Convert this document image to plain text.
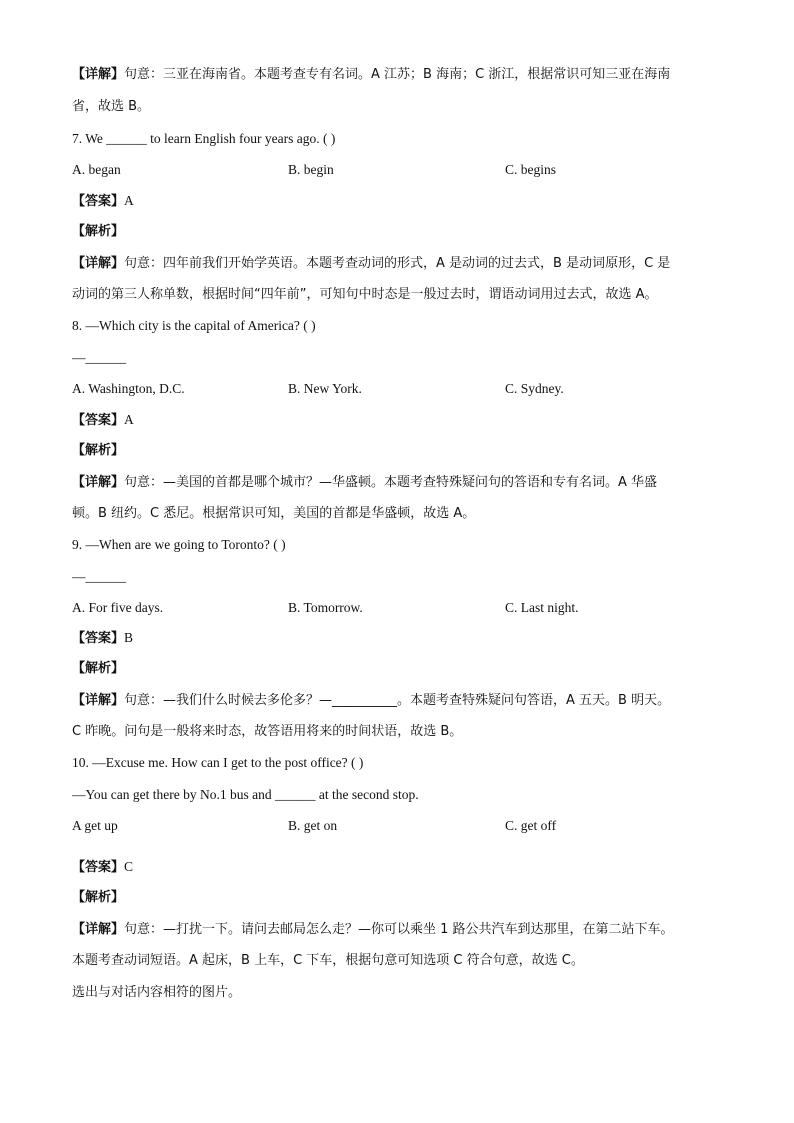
【详解】句意：三亚在海南省。本题考查专有名词。A 江苏；B 海南；C 浙江，根据常识可知三亚在海南
省，故选 B。
7. We ______ to learn English four years ago. ( )
A. began	B. begin	C. begins
【答案】A
【解析】
【详解】句意：四年前我们开始学英语。本题考查动词的形式，A 是动词的过去式，B 是动词原形，C 是
动词的第三人称单数，根据时间“四年前”，可知句中时态是一般过去时，谓语动词用过去式，故选 A。
8. —Which city is the capital of America? ( )
—______
A. Washington, D.C.	B. New York.	C. Sydney.
【答案】A
【解析】
【详解】句意：—美国的首都是哪个城市？—华盛顿。本题考查特殊疑问句的答语和专有名词。A 华盛
顿。B 纽约。C 悉尼。根据常识可知，美国的首都是华盛顿，故选 A。
9. —When are we going to Toronto? ( )
—______
A. For five days.	B. Tomorrow.	C. Last night.
【答案】B
【解析】
【详解】句意：—我们什么时候去多伦多？—__________。本题考查特殊疑问句答语，A 五天。B 明天。
C 昨晚。问句是一般将来时态，故答语用将来的时间状语，故选 B。
10. —Excuse me. How can I get to the post office? ( )
—You can get there by No.1 bus and ______ at the second stop.
A get up	B. get on	C. get off
【答案】C
【解析】
【详解】句意：—打扰一下。请问去邮局怎么走？—你可以乘坐 1 路公共汽车到达那里，在第二站下车。
本题考查动词短语。A 起床，B 上车，C 下车，根据句意可知选项 C 符合句意，故选 C。
选出与对话内容相符的图片。
